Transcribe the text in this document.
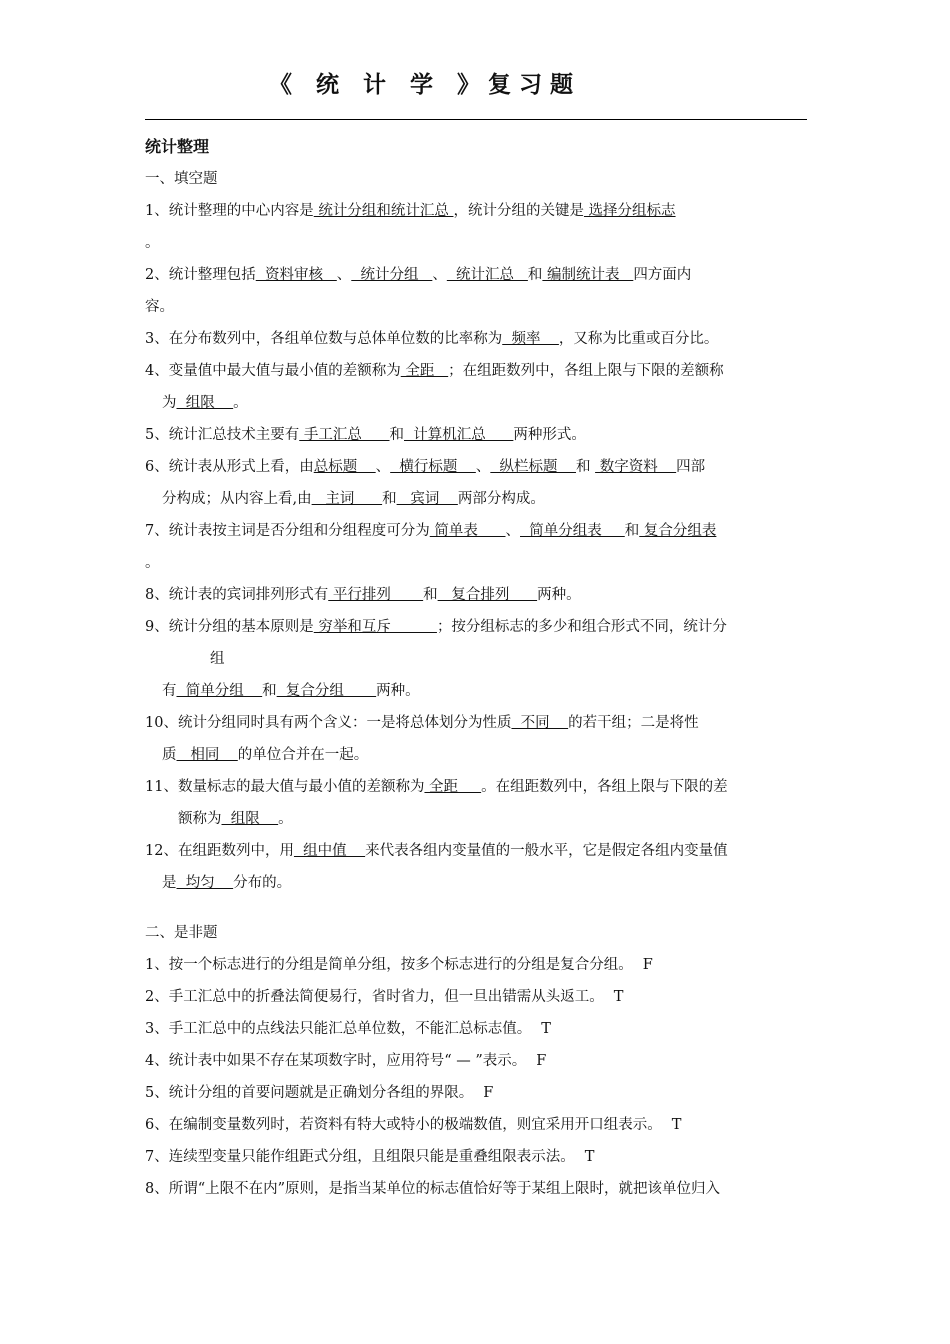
《 统 计 学 》复习题
统计整理
一、填空题
1、统计整理的中心内容是 统计分组和统计汇总 ，统计分组的关键是 选择分组标志
。
2、统计整理包括  资料审核   、  统计分组   、  统计汇总   和 编制统计表   四方面内
容。
3、在分布数列中，各组单位数与总体单位数的比率称为  频率    ，又称为比重或百分比。
4、变量值中最大值与最小值的差额称为 全距   ；在组距数列中，各组上限与下限的差额称
为  组限    。
5、统计汇总技术主要有 手工汇总      和  计算机汇总      两种形式。
6、统计表从形式上看，由总标题    、  横行标题    、  纵栏标题    和  数字资料    四部
分构成；从内容上看,由   主词      和   宾词    两部分构成。
7、统计表按主词是否分组和分组程度可分为 简单表      、  简单分组表     和 复合分组表
。
8、统计表的宾词排列形式有 平行排列       和   复合排列      两种。
9、统计分组的基本原则是 穷举和互斥          ；按分组标志的多少和组合形式不同，统计分
组
有  简单分组    和  复合分组       两种。
10、统计分组同时具有两个含义：一是将总体划分为性质  不同    的若干组；二是将性
质   相同    的单位合并在一起。
11、数量标志的最大值与最小值的差额称为 全距     。在组距数列中，各组上限与下限的差
额称为  组限    。
12、在组距数列中，用  组中值    来代表各组内变量值的一般水平，它是假定各组内变量值
是  均匀    分布的。
二、是非题
1、按一个标志进行的分组是简单分组，按多个标志进行的分组是复合分组。 F
2、手工汇总中的折叠法简便易行，省时省力，但一旦出错需从头返工。 T
3、手工汇总中的点线法只能汇总单位数，不能汇总标志值。 T
4、统计表中如果不存在某项数字时，应用符号“ — ”表示。 F
5、统计分组的首要问题就是正确划分各组的界限。 F
6、在编制变量数列时，若资料有特大或特小的极端数值，则宜采用开口组表示。 T
7、连续型变量只能作组距式分组，且组限只能是重叠组限表示法。 T
8、所谓“上限不在内”原则，是指当某单位的标志值恰好等于某组上限时，就把该单位归入
